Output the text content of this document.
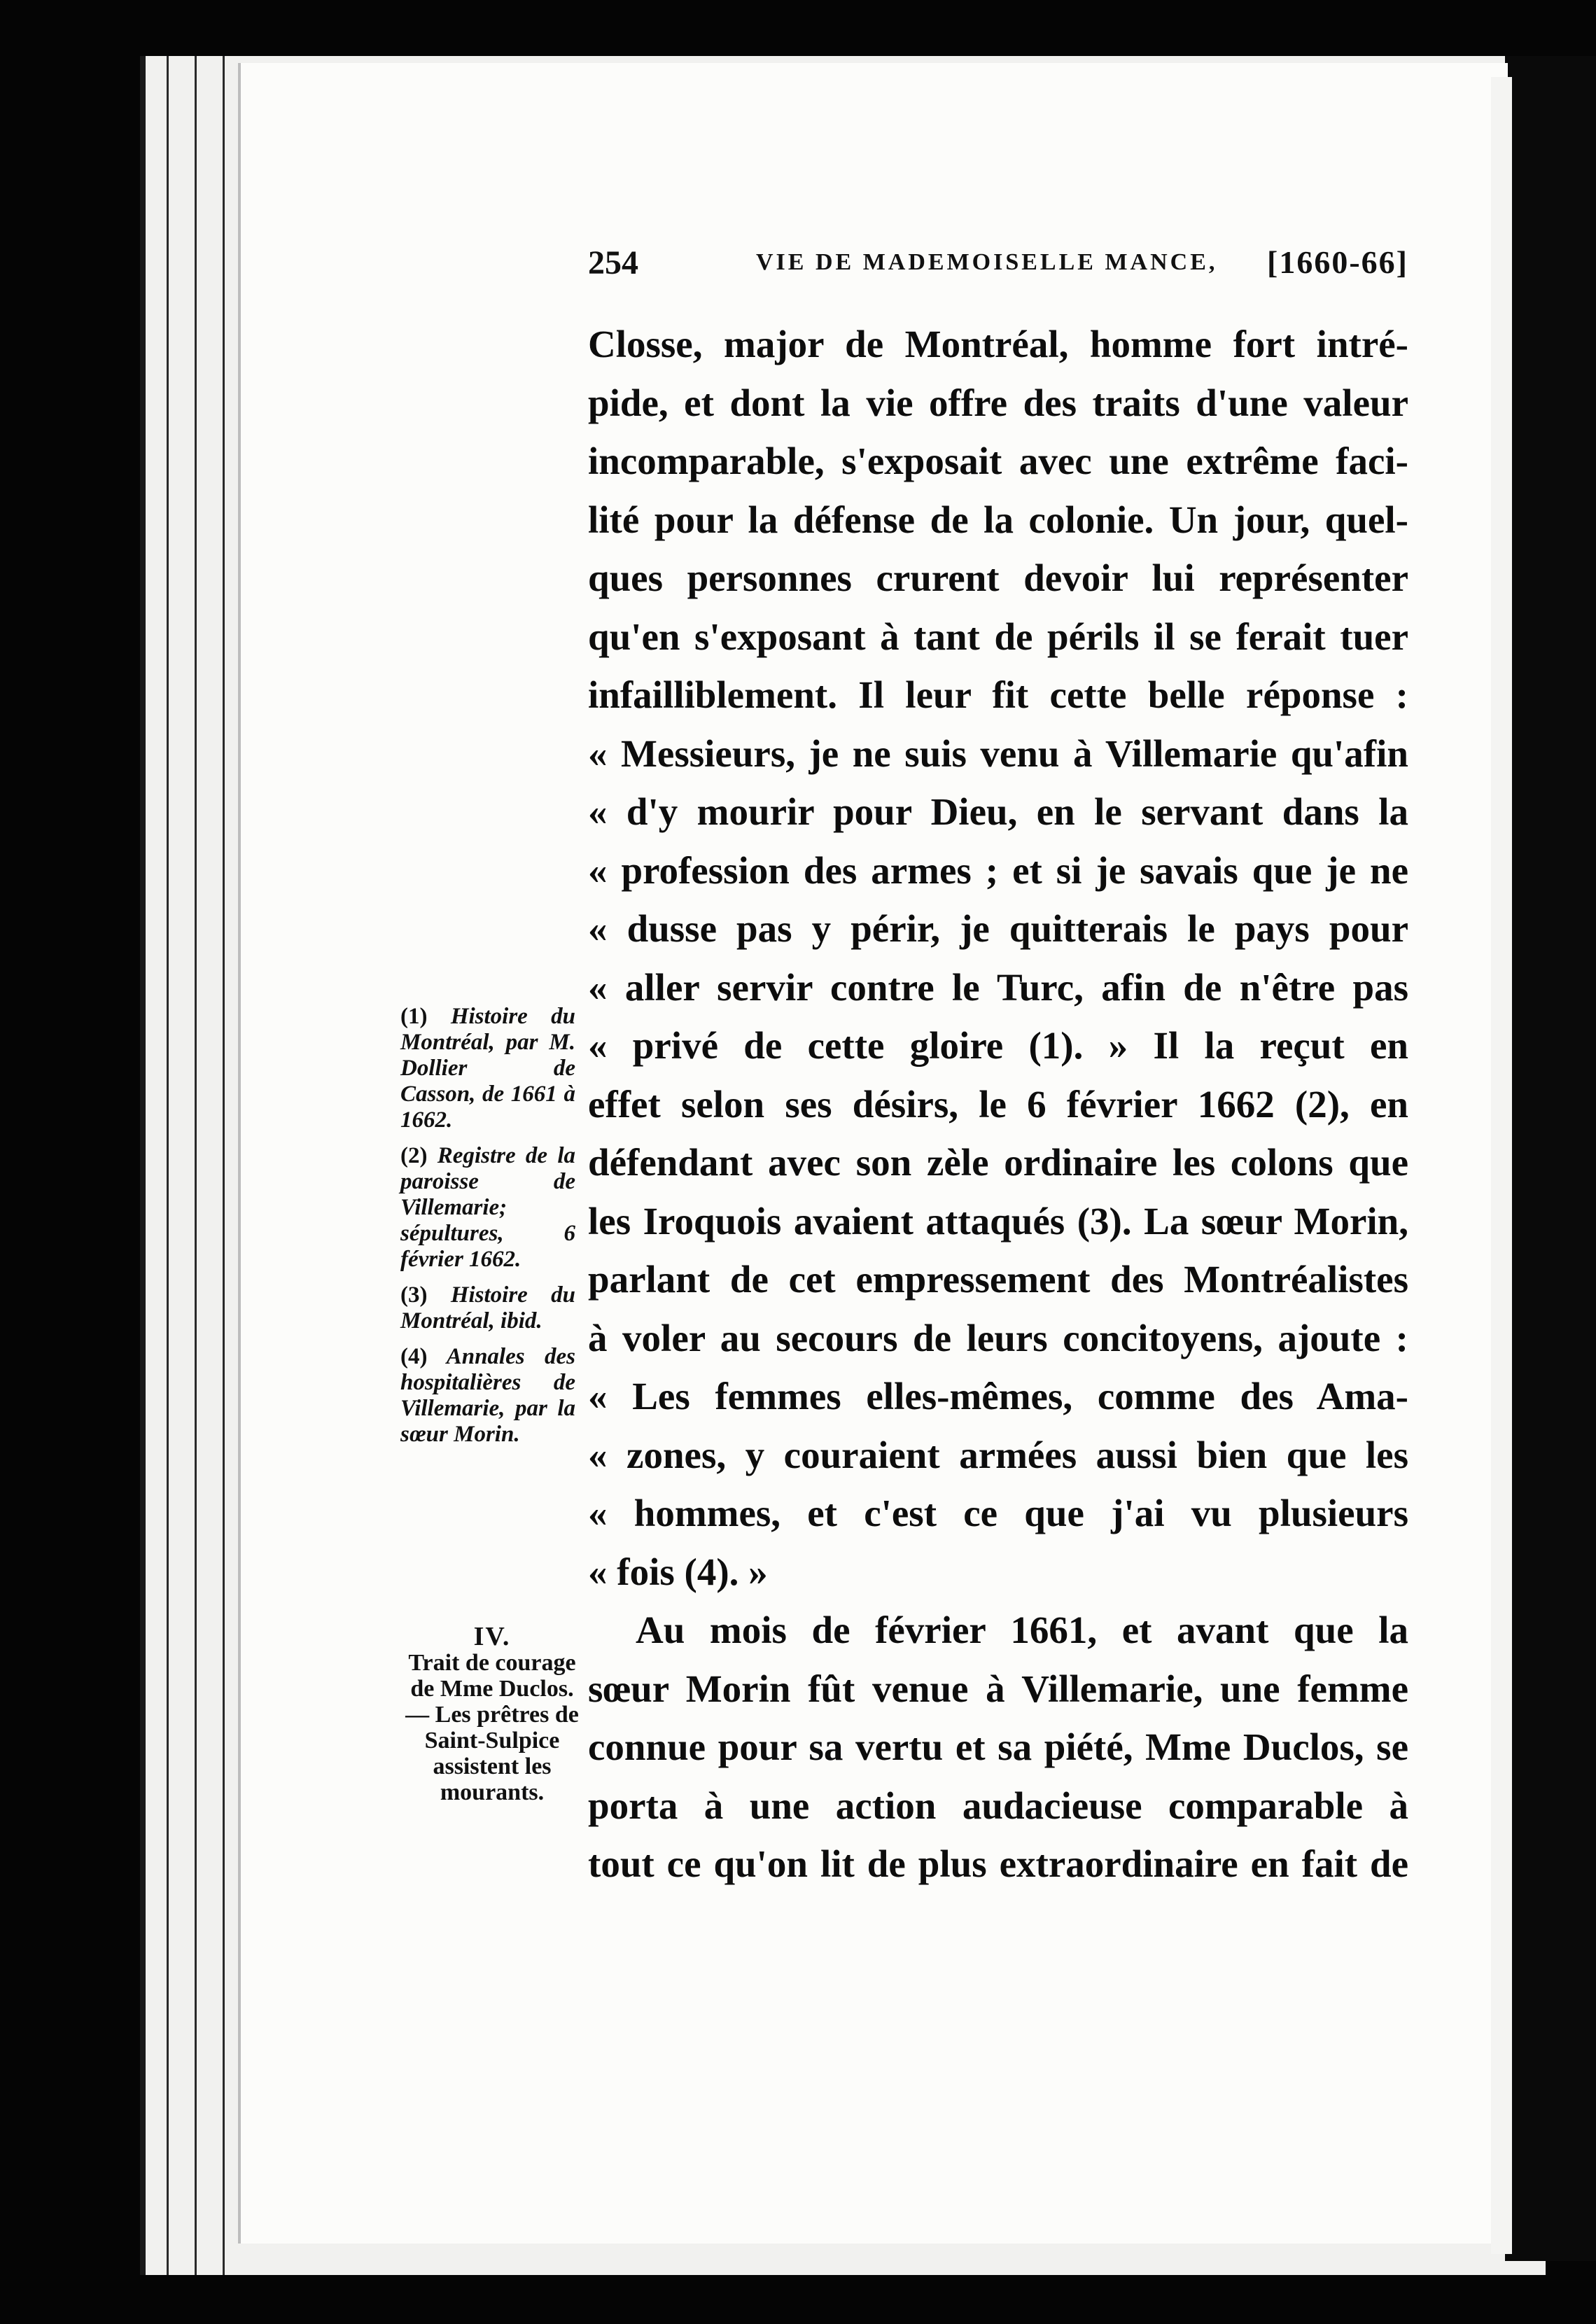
254	VIE DE MADEMOISELLE MANCE, [1660-66]
Closse, major de Montréal, homme fort intré-
pide, et dont la vie offre des traits d'une valeur
incomparable, s'exposait avec une extrême faci-
lité pour la défense de la colonie. Un jour, quel-
ques personnes crurent devoir lui représenter
qu'en s'exposant à tant de périls il se ferait tuer
infailliblement. Il leur fit cette belle réponse :
« Messieurs, je ne suis venu à Villemarie qu'afin
« d'y mourir pour Dieu, en le servant dans la
« profession des armes ; et si je savais que je ne
« dusse pas y périr, je quitterais le pays pour
« aller servir contre le Turc, afin de n'être pas
« privé de cette gloire (1). » Il la reçut en
effet selon ses désirs, le 6 février 1662 (2), en
défendant avec son zèle ordinaire les colons que
les Iroquois avaient attaqués (3). La sœur Morin,
parlant de cet empressement des Montréalistes
à voler au secours de leurs concitoyens, ajoute :
« Les femmes elles-mêmes, comme des Ama-
« zones, y couraient armées aussi bien que les
« hommes, et c'est ce que j'ai vu plusieurs
« fois (4). »
Au mois de février 1661, et avant que la
sœur Morin fût venue à Villemarie, une femme
connue pour sa vertu et sa piété, Mme Duclos, se
porta à une action audacieuse comparable à
tout ce qu'on lit de plus extraordinaire en fait de
(1) Histoire du Montréal, par M. Dollier de Casson, de 1661 à 1662.
(2) Registre de la paroisse de Villemarie; sépultures, 6 février 1662.
(3) Histoire du Montréal, ibid.
(4) Annales des hospitalières de Villemarie, par la sœur Morin.
IV.
Trait de courage de Mme Duclos. — Les prêtres de Saint-Sulpice assistent les mourants.
